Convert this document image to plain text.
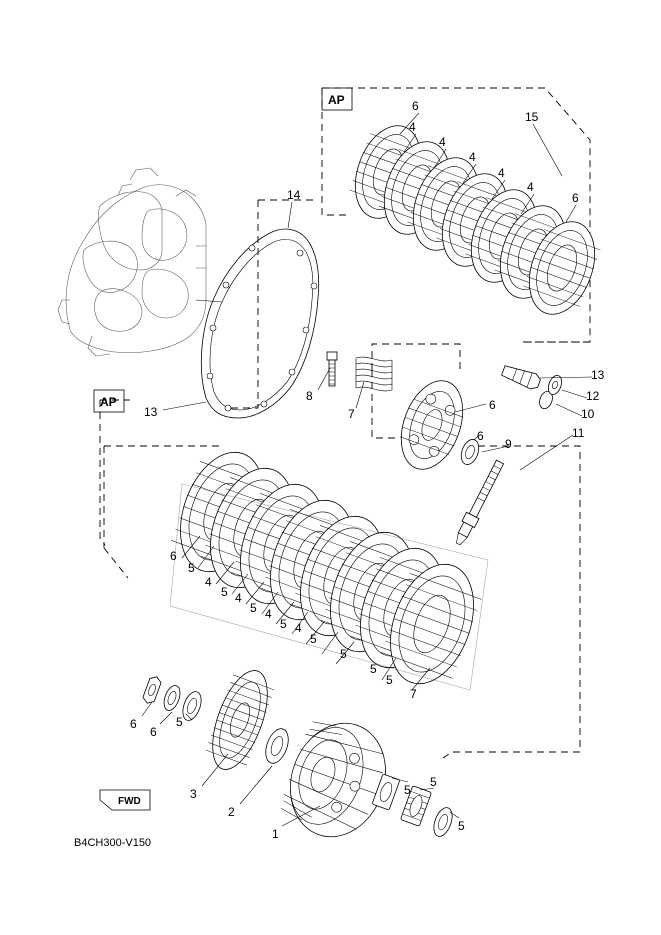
AP	6
4
4
4
4
4
6
15
14
13
AP	8
7
6
6
9
10
11
12
13
6
5
4
5 4
5 4
5 4
5
5
5
5
7
6
6
5
3
2
1
5
5
5
FWD
B4CH300-V150
